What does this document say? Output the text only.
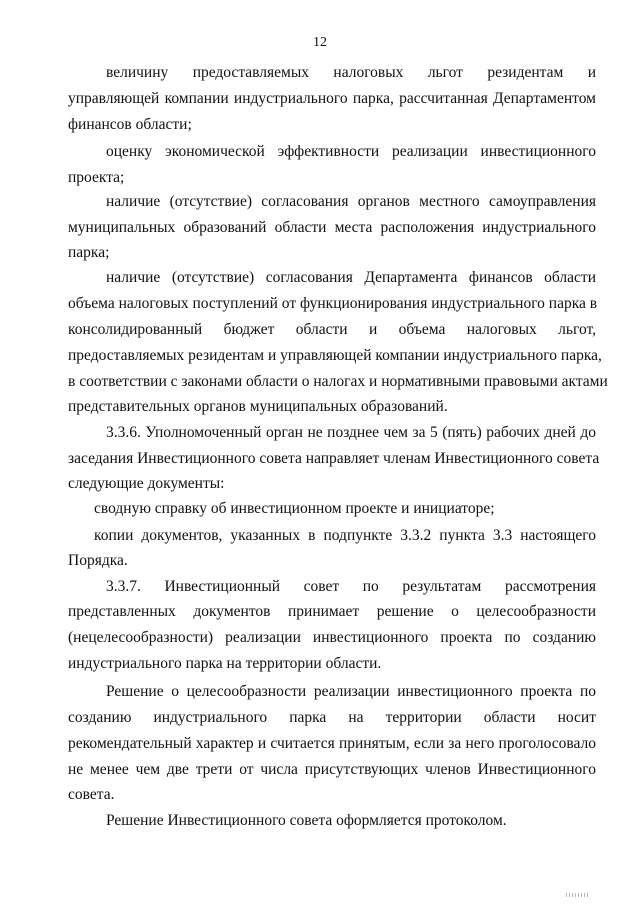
12
величину предоставляемых налоговых льгот резидентам и
управляющей компании индустриального парка, рассчитанная Департаментом
финансов области;
оценку экономической эффективности реализации инвестиционного
проекта;
наличие (отсутствие) согласования органов местного самоуправления
муниципальных образований области места расположения индустриального
парка;
наличие (отсутствие) согласования Департамента финансов области
объема налоговых поступлений от функционирования индустриального парка в
консолидированный бюджет области и объема налоговых льгот,
предоставляемых резидентам и управляющей компании индустриального парка,
в соответствии с законами области о налогах и нормативными правовыми актами
представительных органов муниципальных образований.
3.3.6. Уполномоченный орган не позднее чем за 5 (пять) рабочих дней до
заседания Инвестиционного совета направляет членам Инвестиционного совета
следующие документы:
сводную справку об инвестиционном проекте и инициаторе;
копии документов, указанных в подпункте 3.3.2 пункта 3.3 настоящего
Порядка.
3.3.7. Инвестиционный совет по результатам рассмотрения
представленных документов принимает решение о целесообразности
(нецелесообразности) реализации инвестиционного проекта по созданию
индустриального парка на территории области.
Решение о целесообразности реализации инвестиционного проекта по
созданию индустриального парка на территории области носит
рекомендательный характер и считается принятым, если за него проголосовало
не менее чем две трети от числа присутствующих членов Инвестиционного
совета.
Решение Инвестиционного совета оформляется протоколом.
